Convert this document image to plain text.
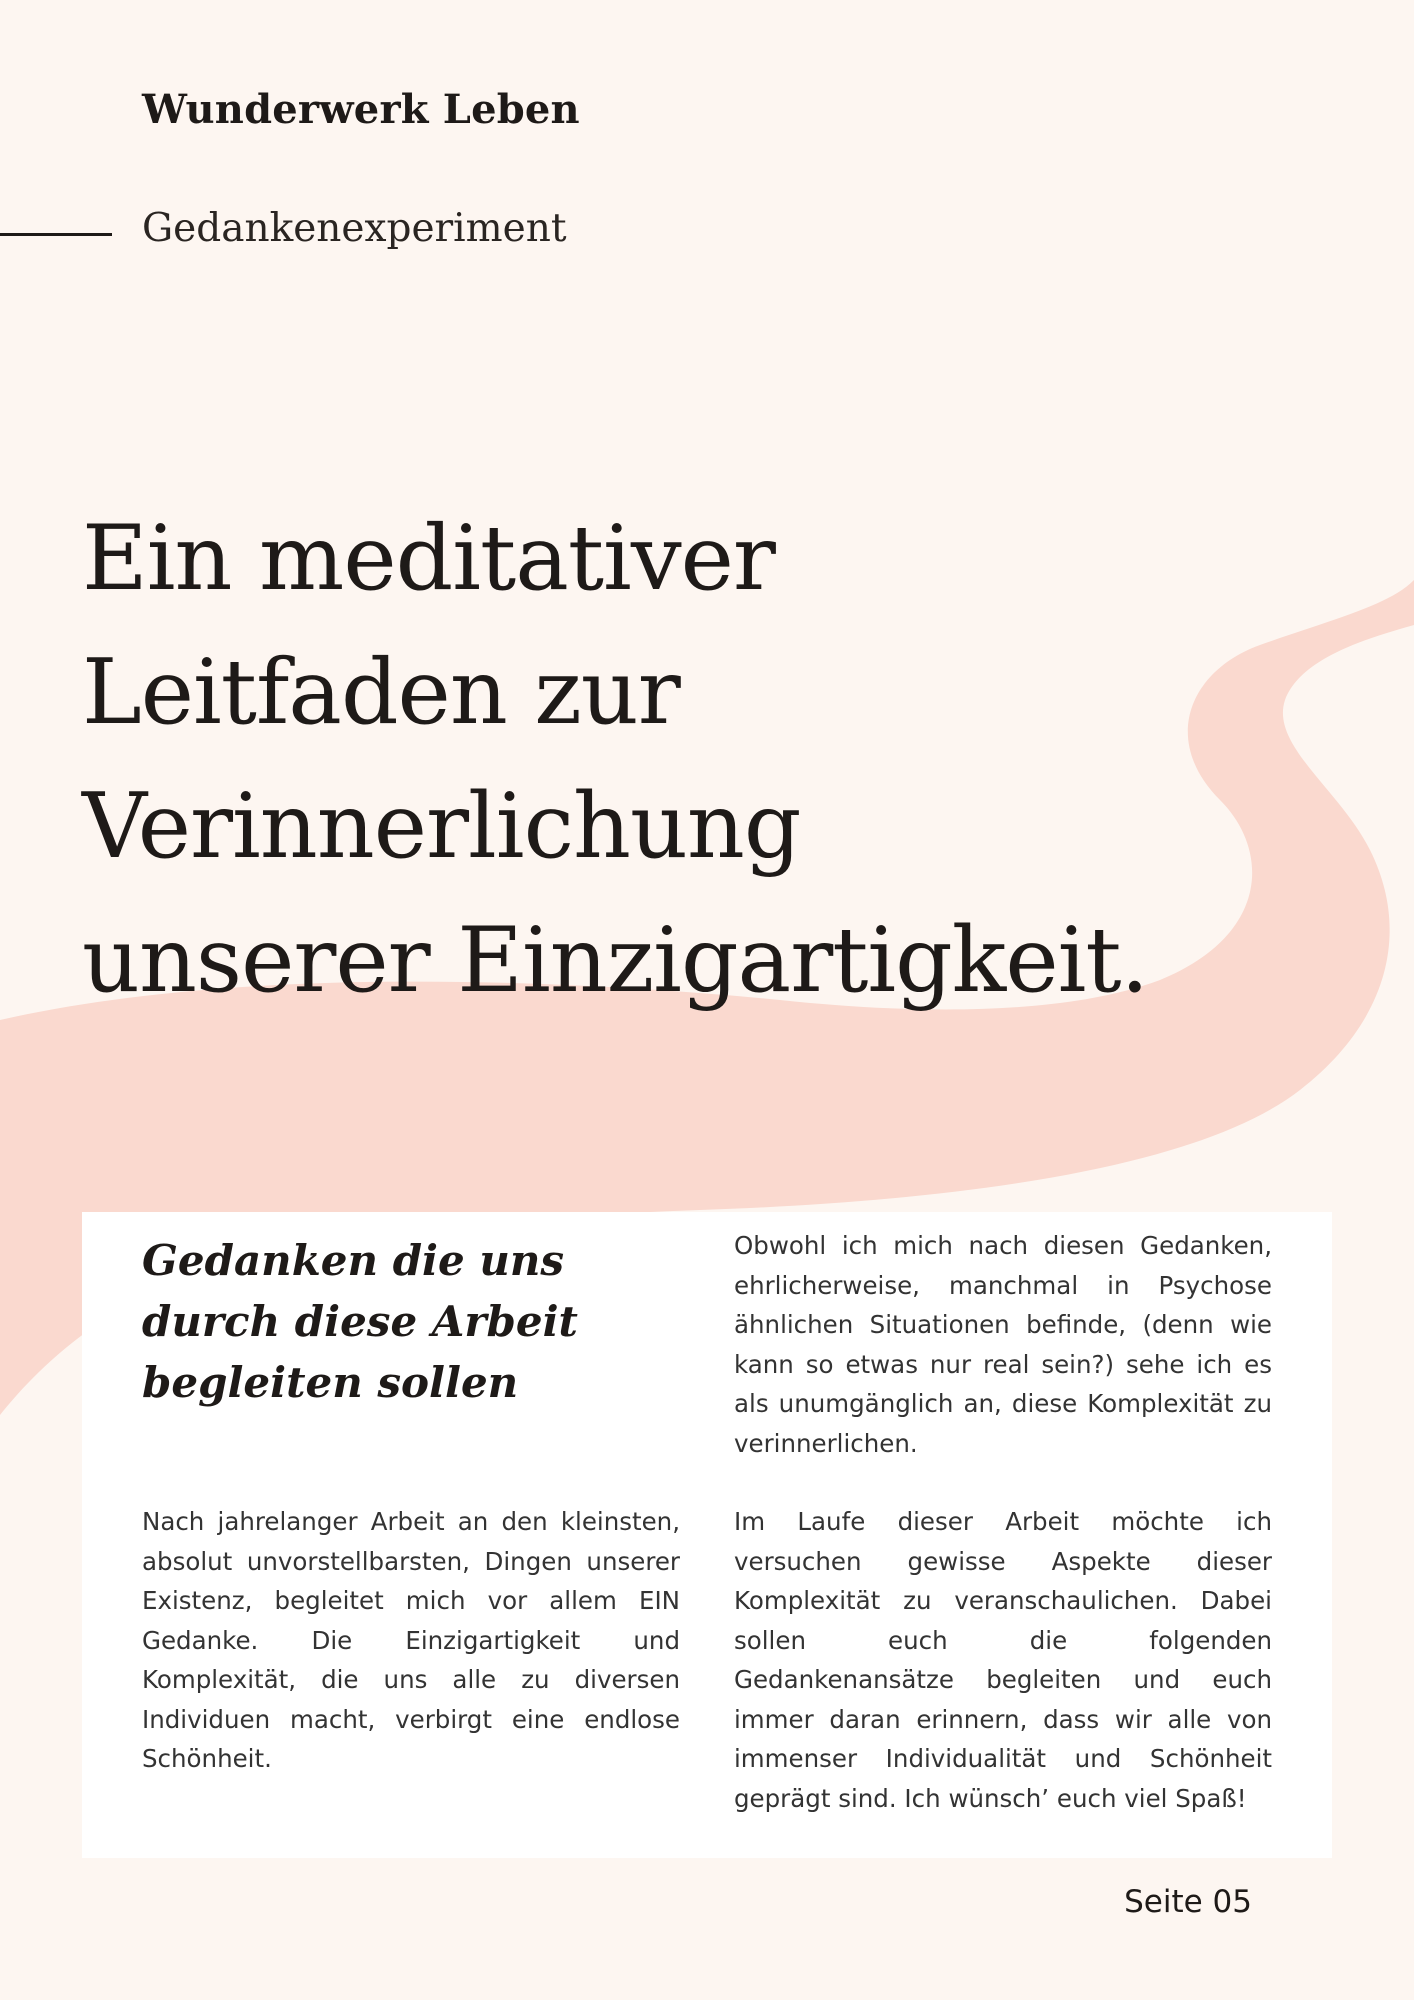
Wunderwerk Leben
Gedankenexperiment
Ein meditativer
Leitfaden zur
Verinnerlichung
unserer Einzigartigkeit.
Gedanken die uns durch diese Arbeit begleiten sollen

Nach jahrelanger Arbeit an den kleinsten, absolut unvorstellbarsten, Dingen unserer Existenz, begleitet mich vor allem EIN Gedanke. Die Einzigartigkeit und Komplexität, die uns alle zu diversen Individuen macht, verbirgt eine endlose Schönheit.

Obwohl ich mich nach diesen Gedanken, ehrlicherweise, manchmal in Psychose ähnlichen Situationen befinde, (denn wie kann so etwas nur real sein?) sehe ich es als unumgänglich an, diese Komplexität zu verinnerlichen.

Im Laufe dieser Arbeit möchte ich versuchen gewisse Aspekte dieser Komplexität zu veranschaulichen. Dabei sollen euch die folgenden Gedankenansätze begleiten und euch immer daran erinnern, dass wir alle von immenser Individualität und Schönheit geprägt sind. Ich wünsch’ euch viel Spaß!

Seite 05
